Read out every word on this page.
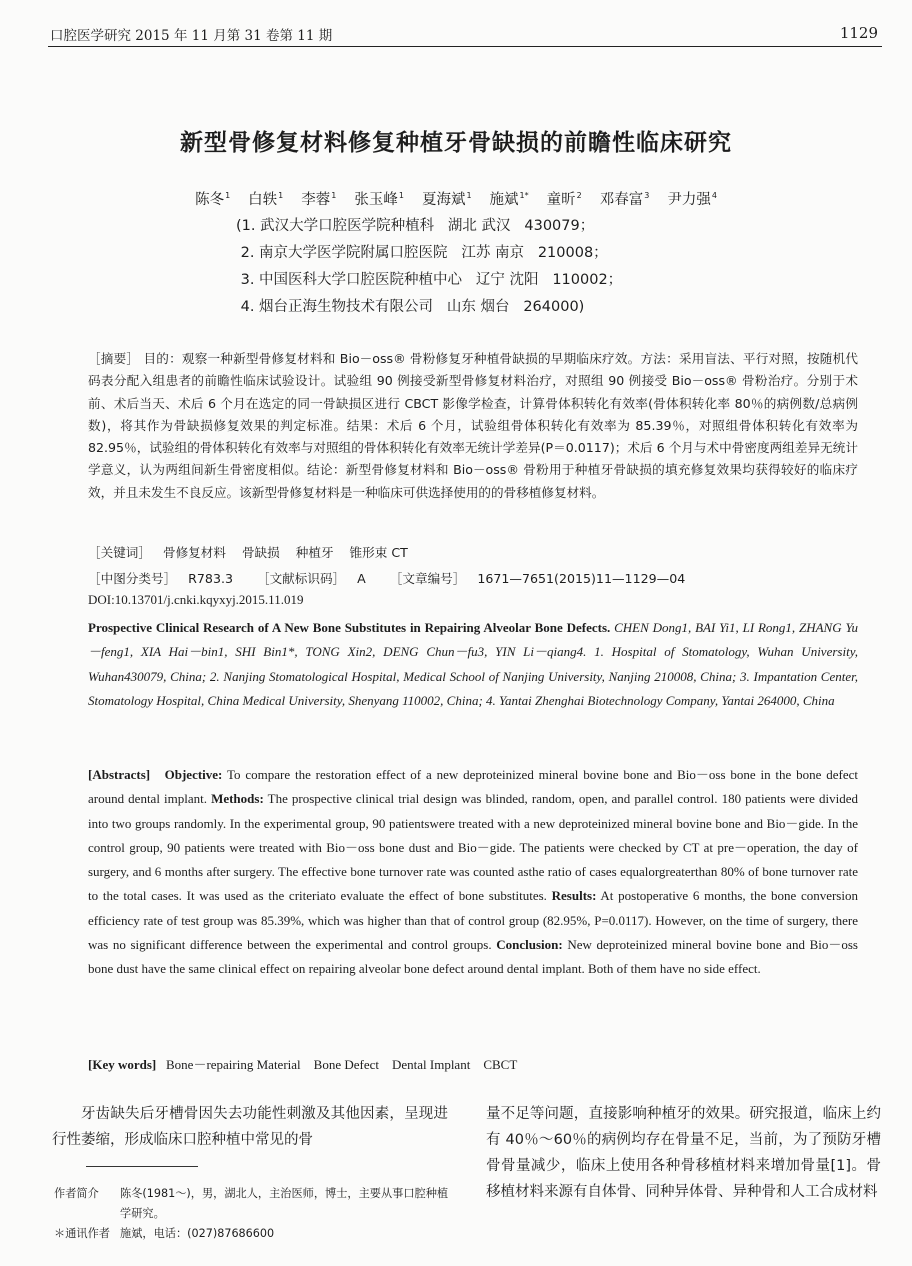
口腔医学研究 2015 年 11 月第 31 卷第 11 期	1129
新型骨修复材料修复种植牙骨缺损的前瞻性临床研究
陈冬$^1$ 白轶$^1$ 李蓉$^1$ 张玉峰$^1$ 夏海斌$^1$ 施斌$^{1*}$ 童昕$^2$ 邓春富$^3$ 尹力强$^4$
(1. 武汉大学口腔医学院种植科   湖北 武汉   430079；
2. 南京大学医学院附属口腔医院   江苏 南京   210008；
3. 中国医科大学口腔医院种植中心   辽宁 沈阳   110002；
4. 烟台正海生物技术有限公司   山东 烟台   264000)

［摘要］ 目的：观察一种新型骨修复材料和 Bio－oss® 骨粉修复牙种植骨缺损的早期临床疗效。方法：采用盲法、平行对照，按随机代码表分配入组患者的前瞻性临床试验设计。试验组 90 例接受新型骨修复材料治疗，对照组 90 例接受 Bio－oss® 骨粉治疗。分别于术前、术后当天、术后 6 个月在选定的同一骨缺损区进行 CBCT 影像学检查，计算骨体积转化有效率(骨体积转化率 80％的病例数/总病例数)，将其作为骨缺损修复效果的判定标准。结果：术后 6 个月，试验组骨体积转化有效率为 85.39％，对照组骨体积转化有效率为 82.95％，试验组的骨体积转化有效率与对照组的骨体积转化有效率无统计学差异(P＝0.0117)；术后 6 个月与术中骨密度两组差异无统计学意义，认为两组间新生骨密度相似。结论：新型骨修复材料和 Bio－oss® 骨粉用于种植牙骨缺损的填充修复效果均获得较好的临床疗效，并且未发生不良反应。该新型骨修复材料是一种临床可供选择使用的的骨移植修复材料。

［关键词］   骨修复材料    骨缺损    种植牙    锥形束 CT
［中图分类号］   R783.3      ［文献标识码］   A      ［文章编号］   1671—7651(2015)11—1129—04
DOI:10.13701/j.cnki.kqyxyj.2015.11.019

Prospective Clinical Research of A New Bone Substitutes in Repairing Alveolar Bone Defects. CHEN Dong1, BAI Yi1, LI Rong1, ZHANG Yu－feng1, XIA Hai－bin1, SHI Bin1*, TONG Xin2, DENG Chun－fu3, YIN Li－qiang4. 1. Hospital of Stomatology, Wuhan University, Wuhan430079, China; 2. Nanjing Stomatological Hospital, Medical School of Nanjing University, Nanjing 210008, China; 3. Impantation Center, Stomatology Hospital, China Medical University, Shenyang 110002, China; 4. Yantai Zhenghai Biotechnology Company, Yantai 264000, China

[Abstracts] Objective: To compare the restoration effect of a new deproteinized mineral bovine bone and Bio－oss bone in the bone defect around dental implant. Methods: The prospective clinical trial design was blinded, random, open, and parallel control. 180 patients were divided into two groups randomly. In the experimental group, 90 patientswere treated with a new deproteinized mineral bovine bone and Bio－gide. In the control group, 90 patients were treated with Bio－oss bone dust and Bio－gide. The patients were checked by CT at pre－operation, the day of surgery, and 6 months after surgery. The effective bone turnover rate was counted asthe ratio of cases equalorgreaterthan 80% of bone turnover rate to the total cases. It was used as the criteriato evaluate the effect of bone substitutes. Results: At postoperative 6 months, the bone conversion efficiency rate of test group was 85.39%, which was higher than that of control group (82.95%, P=0.0117). However, on the time of surgery, there was no significant difference between the experimental and control groups. Conclusion: New deproteinized mineral bovine bone and Bio－oss bone dust have the same clinical effect on repairing alveolar bone defect around dental implant. Both of them have no side effect.

[Key words] Bone－repairing Material    Bone Defect    Dental Implant    CBCT

牙齿缺失后牙槽骨因失去功能性刺激及其他因素，呈现进行性萎缩，形成临床口腔种植中常见的骨

量不足等问题，直接影响种植牙的效果。研究报道，临床上约有 40％～60％的病例均存在骨量不足，当前，为了预防牙槽骨骨量减少，临床上使用各种骨移植材料来增加骨量[1]。骨移植材料来源有自体骨、同种异体骨、异种骨和人工合成材料

作者简介	陈冬(1981～)，男，湖北人，主治医师，博士，主要从事口腔种植学研究。
＊通讯作者 施斌，电话：(027)87686600
